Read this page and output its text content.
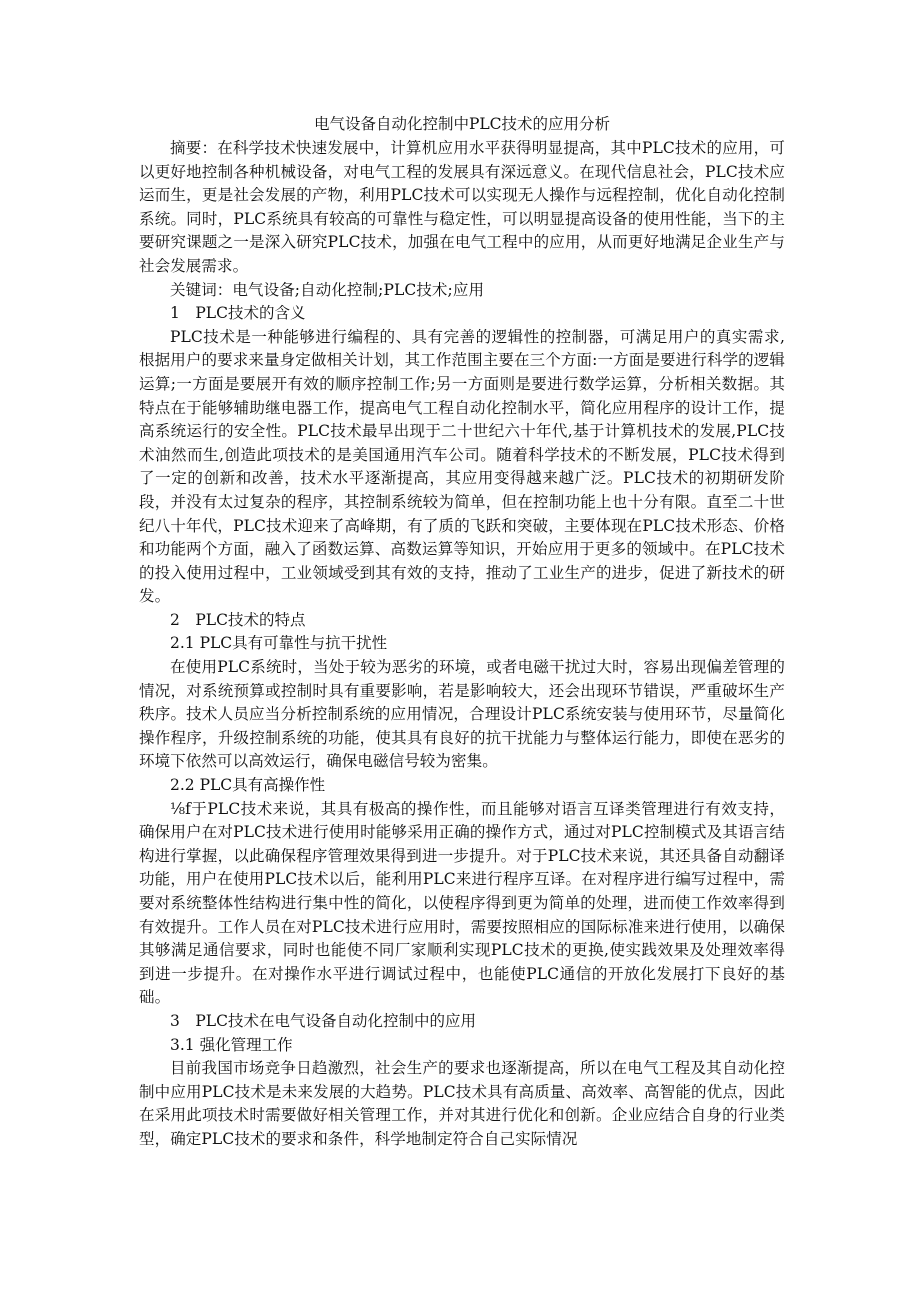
电气设备自动化控制中PLC技术的应用分析

摘要：在科学技术快速发展中，计算机应用水平获得明显提高，其中PLC技术的应用，可以更好地控制各种机械设备，对电气工程的发展具有深远意义。在现代信息社会，PLC技术应运而生，更是社会发展的产物，利用PLC技术可以实现无人操作与远程控制，优化自动化控制系统。同时，PLC系统具有较高的可靠性与稳定性，可以明显提高设备的使用性能，当下的主要研究课题之一是深入研究PLC技术，加强在电气工程中的应用，从而更好地满足企业生产与社会发展需求。

关键词：电气设备;自动化控制;PLC技术;应用

1　PLC技术的含义

PLC技术是一种能够进行编程的、具有完善的逻辑性的控制器，可满足用户的真实需求,根据用户的要求来量身定做相关计划，其工作范围主要在三个方面:一方面是要进行科学的逻辑运算;一方面是要展开有效的顺序控制工作;另一方面则是要进行数学运算，分析相关数据。其特点在于能够辅助继电器工作，提高电气工程自动化控制水平，简化应用程序的设计工作，提高系统运行的安全性。PLC技术最早出现于二十世纪六十年代,基于计算机技术的发展,PLC技术油然而生,创造此项技术的是美国通用汽车公司。随着科学技术的不断发展，PLC技术得到了一定的创新和改善，技术水平逐渐提高，其应用变得越来越广泛。PLC技术的初期研发阶段，并没有太过复杂的程序，其控制系统较为简单，但在控制功能上也十分有限。直至二十世纪八十年代，PLC技术迎来了高峰期，有了质的飞跃和突破，主要体现在PLC技术形态、价格和功能两个方面，融入了函数运算、高数运算等知识，开始应用于更多的领域中。在PLC技术的投入使用过程中，工业领域受到其有效的支持，推动了工业生产的进步，促进了新技术的研发。

2　PLC技术的特点

2.1 PLC具有可靠性与抗干扰性

在使用PLC系统时，当处于较为恶劣的环境，或者电磁干扰过大时，容易出现偏差管理的情况，对系统预算或控制时具有重要影响，若是影响较大，还会出现环节错误，严重破坏生产秩序。技术人员应当分析控制系统的应用情况，合理设计PLC系统安装与使用环节，尽量简化操作程序，升级控制系统的功能，使其具有良好的抗干扰能力与整体运行能力，即使在恶劣的环境下依然可以高效运行，确保电磁信号较为密集。

2.2 PLC具有高操作性

⅛f于PLC技术来说，其具有极高的操作性，而且能够对语言互译类管理进行有效支持，确保用户在对PLC技术进行使用时能够采用正确的操作方式，通过对PLC控制模式及其语言结构进行掌握，以此确保程序管理效果得到进一步提升。对于PLC技术来说，其还具备自动翻译功能，用户在使用PLC技术以后，能利用PLC来进行程序互译。在对程序进行编写过程中，需要对系统整体性结构进行集中性的简化，以使程序得到更为简单的处理，进而使工作效率得到有效提升。工作人员在对PLC技术进行应用时，需要按照相应的国际标准来进行使用，以确保其够满足通信要求，同时也能使不同厂家顺利实现PLC技术的更换,使实践效果及处理效率得到进一步提升。在对操作水平进行调试过程中，也能使PLC通信的开放化发展打下良好的基础。

3　PLC技术在电气设备自动化控制中的应用

3.1 强化管理工作

目前我国市场竞争日趋激烈，社会生产的要求也逐渐提高，所以在电气工程及其自动化控制中应用PLC技术是未来发展的大趋势。PLC技术具有高质量、高效率、高智能的优点，因此在采用此项技术时需要做好相关管理工作，并对其进行优化和创新。企业应结合自身的行业类型，确定PLC技术的要求和条件，科学地制定符合自己实际情况
